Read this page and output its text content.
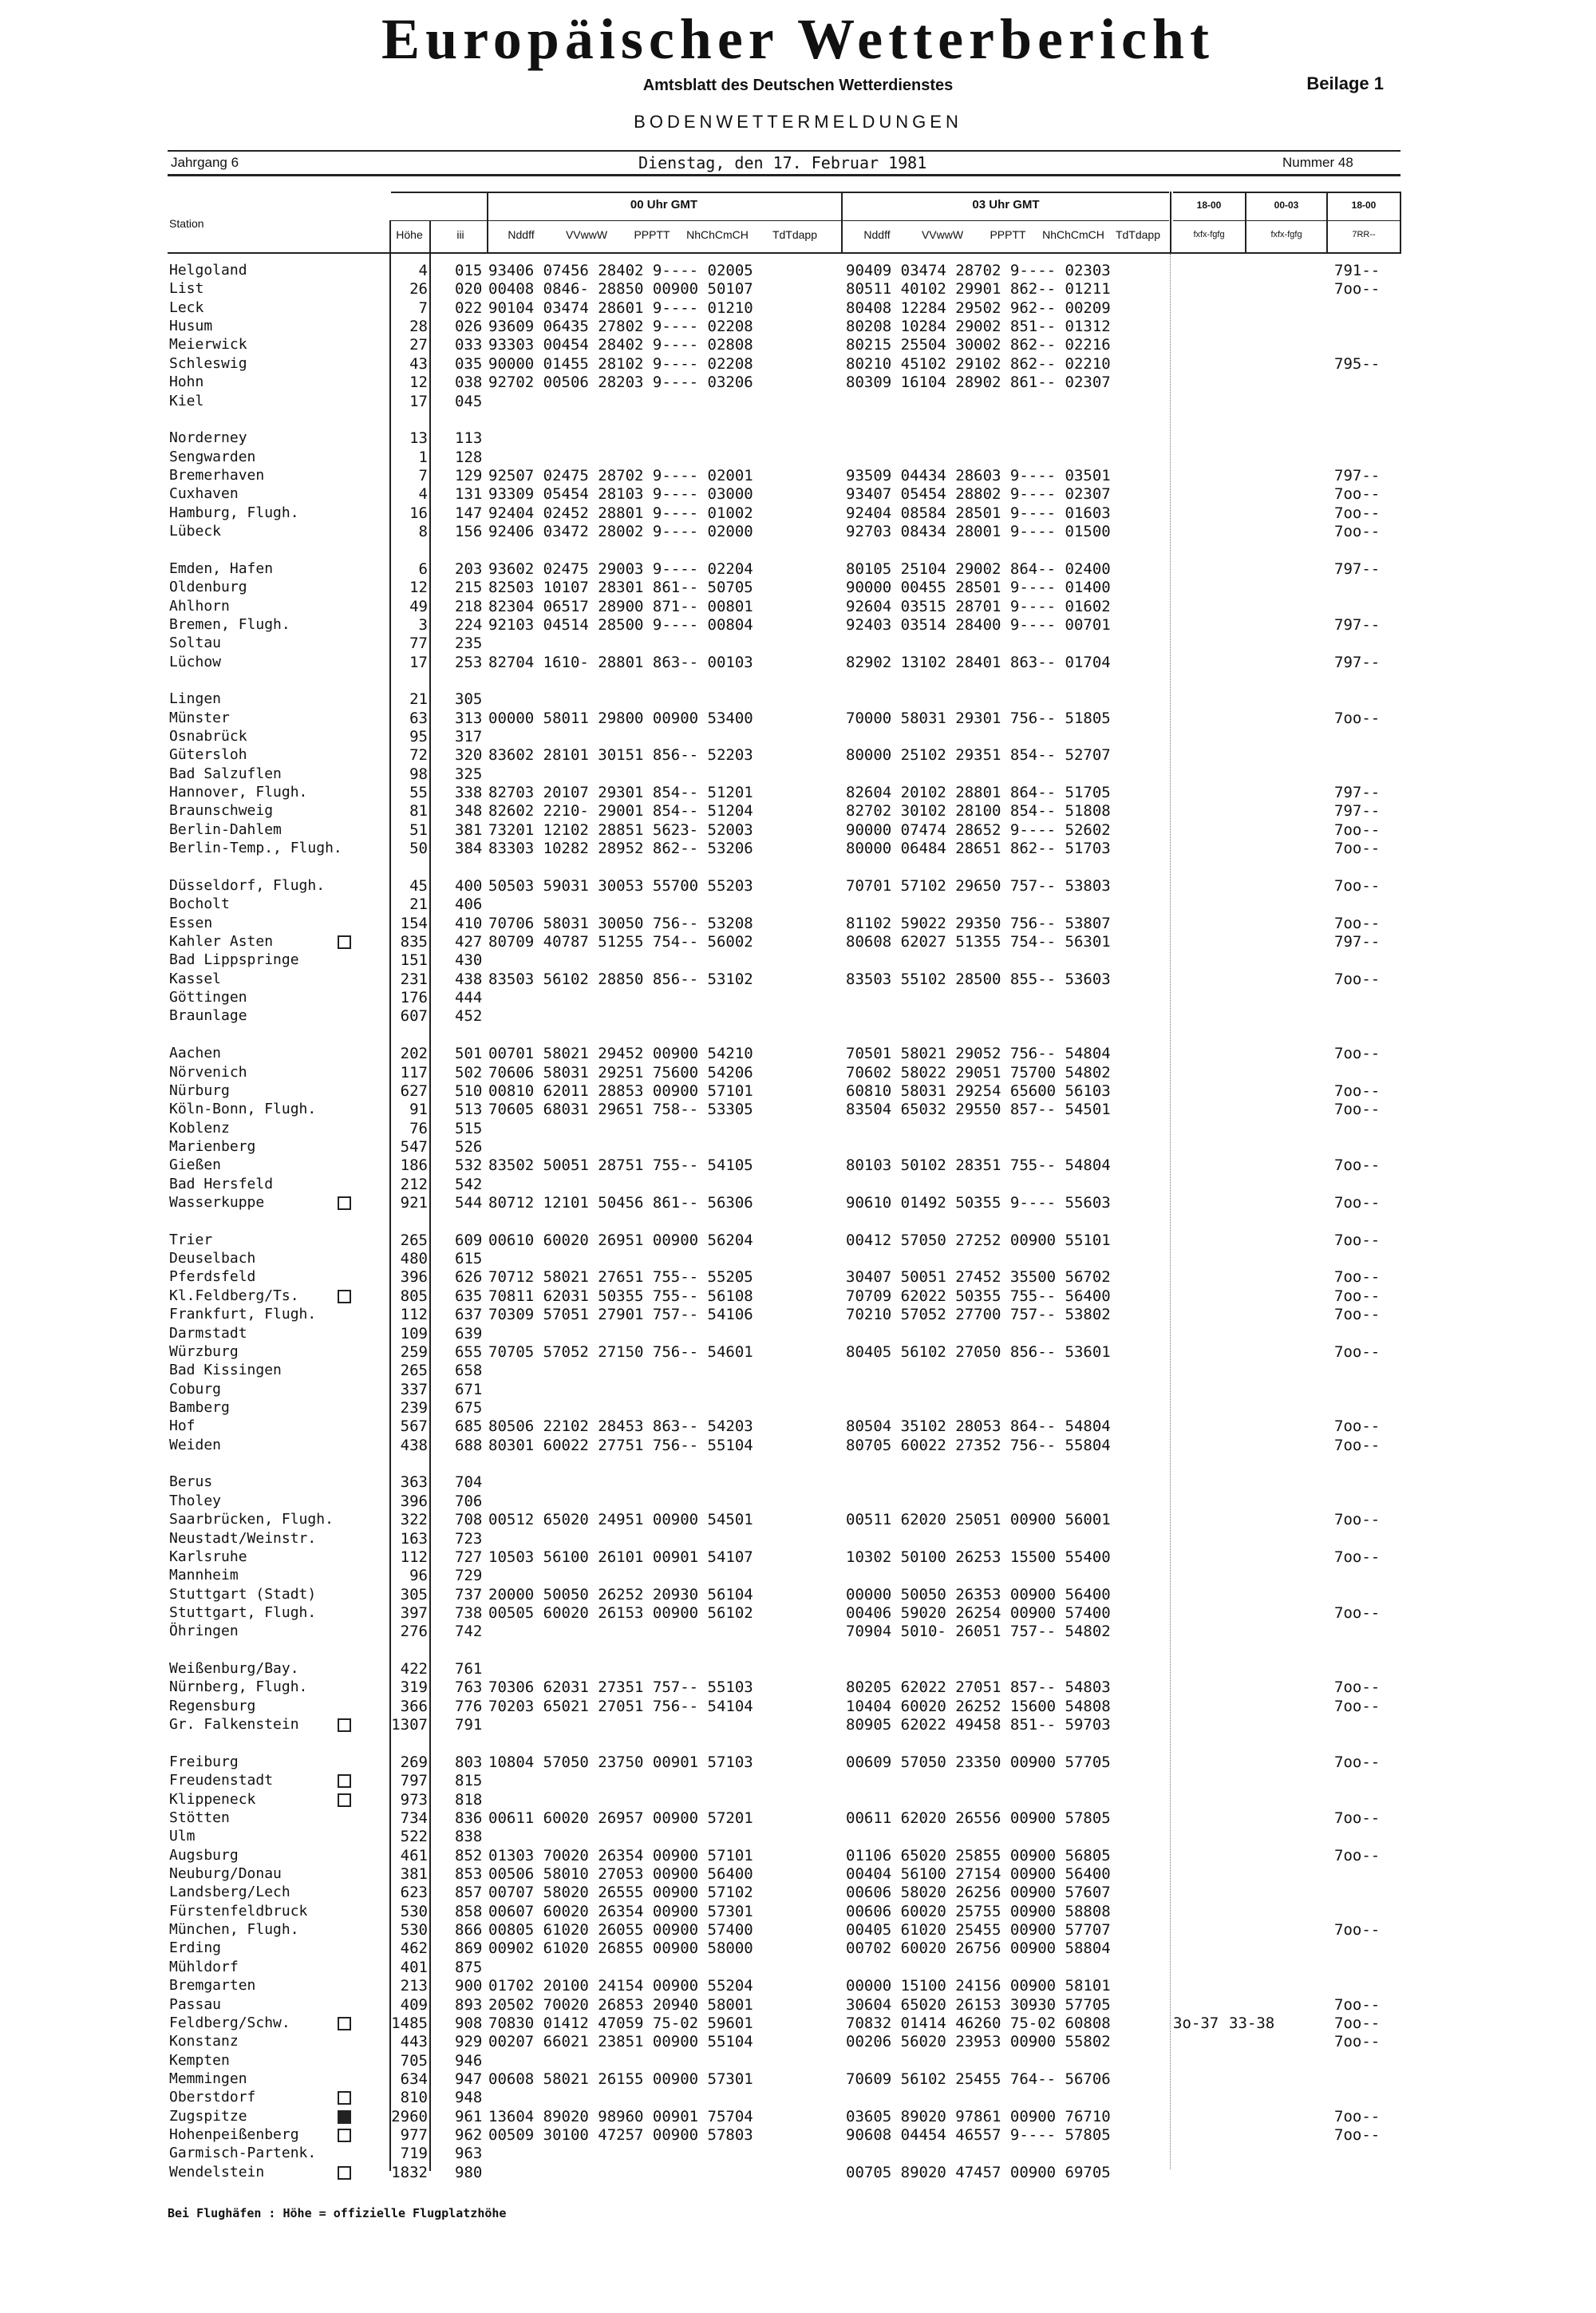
Europäischer Wetterbericht
Amtsblatt des Deutschen Wetterdienstes	Beilage 1
BODENWETTERMELDUNGEN
Jahrgang 6	Dienstag, den 17. Februar 1981	Nummer 48
Station
Höhe	iii
00 Uhr GMT	03 Uhr GMT
Nddff	VVwwW	PPPTT	NhChCmCH	TdTdapp	Nddff	VVwwW	PPPTT	NhChCmCH	TdTdapp
18-00	00-03	18-00
fxfx-fgfg	fxfx-fgfg	7RR--
Helgoland	4 015 93406 07456 28402 9---- 02005	90409 03474 28702 9---- 02303	791--
List	26 020 00408 0846- 28850 00900 50107	80511 40102 29901 862-- 01211	7oo--
Leck	7 022 90104 03474 28601 9---- 01210	80408 12284 29502 962-- 00209
Husum	28 026 93609 06435 27802 9---- 02208	80208 10284 29002 851-- 01312
Meierwick	27 033 93303 00454 28402 9---- 02808	80215 25504 30002 862-- 02216
Schleswig	43 035 90000 01455 28102 9---- 02208	80210 45102 29102 862-- 02210	795--
Hohn	12 038 92702 00506 28203 9---- 03206	80309 16104 28902 861-- 02307
Kiel	17 045
Norderney	13 113
Sengwarden	1 128
Bremerhaven	7 129 92507 02475 28702 9---- 02001	93509 04434 28603 9---- 03501	797--
Cuxhaven	4 131 93309 05454 28103 9---- 03000	93407 05454 28802 9---- 02307	7oo--
Hamburg, Flugh.	16 147 92404 02452 28801 9---- 01002	92404 08584 28501 9---- 01603	7oo--
Lübeck	8 156 92406 03472 28002 9---- 02000	92703 08434 28001 9---- 01500	7oo--
Emden, Hafen	6 203 93602 02475 29003 9---- 02204	80105 25104 29002 864-- 02400	797--
Oldenburg	12 215 82503 10107 28301 861-- 50705	90000 00455 28501 9---- 01400
Ahlhorn	49 218 82304 06517 28900 871-- 00801	92604 03515 28701 9---- 01602
Bremen, Flugh.	3 224 92103 04514 28500 9---- 00804	92403 03514 28400 9---- 00701	797--
Soltau	77 235
Lüchow	17 253 82704 1610- 28801 863-- 00103	82902 13102 28401 863-- 01704	797--
Lingen	21 305
Münster	63 313 00000 58011 29800 00900 53400	70000 58031 29301 756-- 51805	7oo--
Osnabrück	95 317
Gütersloh	72 320 83602 28101 30151 856-- 52203	80000 25102 29351 854-- 52707
Bad Salzuflen	98 325
Hannover, Flugh.	55 338 82703 20107 29301 854-- 51201	82604 20102 28801 864-- 51705	797--
Braunschweig	81 348 82602 2210- 29001 854-- 51204	82702 30102 28100 854-- 51808	797--
Berlin-Dahlem	51 381 73201 12102 28851 5623- 52003	90000 07474 28652 9---- 52602	7oo--
Berlin-Temp., Flugh.	50 384 83303 10282 28952 862-- 53206	80000 06484 28651 862-- 51703	7oo--
Düsseldorf, Flugh.	45 400 50503 59031 30053 55700 55203	70701 57102 29650 757-- 53803	7oo--
Bocholt	21 406
Essen	154 410 70706 58031 30050 756-- 53208	81102 59022 29350 756-- 53807	7oo--
Kahler Asten	835 427 80709 40787 51255 754-- 56002	80608 62027 51355 754-- 56301	797--
Bad Lippspringe	151 430
Kassel	231 438 83503 56102 28850 856-- 53102	83503 55102 28500 855-- 53603	7oo--
Göttingen	176 444
Braunlage	607 452
Aachen	202 501 00701 58021 29452 00900 54210	70501 58021 29052 756-- 54804	7oo--
Nörvenich	117 502 70606 58031 29251 75600 54206	70602 58022 29051 75700 54802
Nürburg	627 510 00810 62011 28853 00900 57101	60810 58031 29254 65600 56103	7oo--
Köln-Bonn, Flugh.	91 513 70605 68031 29651 758-- 53305	83504 65032 29550 857-- 54501	7oo--
Koblenz	76 515
Marienberg	547 526
Gießen	186 532 83502 50051 28751 755-- 54105	80103 50102 28351 755-- 54804	7oo--
Bad Hersfeld	212 542
Wasserkuppe	921 544 80712 12101 50456 861-- 56306	90610 01492 50355 9---- 55603	7oo--
Trier	265 609 00610 60020 26951 00900 56204	00412 57050 27252 00900 55101	7oo--
Deuselbach	480 615
Pferdsfeld	396 626 70712 58021 27651 755-- 55205	30407 50051 27452 35500 56702	7oo--
Kl.Feldberg/Ts.	805 635 70811 62031 50355 755-- 56108	70709 62022 50355 755-- 56400	7oo--
Frankfurt, Flugh.	112 637 70309 57051 27901 757-- 54106	70210 57052 27700 757-- 53802	7oo--
Darmstadt	109 639
Würzburg	259 655 70705 57052 27150 756-- 54601	80405 56102 27050 856-- 53601	7oo--
Bad Kissingen	265 658
Coburg	337 671
Bamberg	239 675
Hof	567 685 80506 22102 28453 863-- 54203	80504 35102 28053 864-- 54804	7oo--
Weiden	438 688 80301 60022 27751 756-- 55104	80705 60022 27352 756-- 55804	7oo--
Berus	363 704
Tholey	396 706
Saarbrücken, Flugh.	322 708 00512 65020 24951 00900 54501	00511 62020 25051 00900 56001	7oo--
Neustadt/Weinstr.	163 723
Karlsruhe	112 727 10503 56100 26101 00901 54107	10302 50100 26253 15500 55400	7oo--
Mannheim	96 729
Stuttgart (Stadt)	305 737 20000 50050 26252 20930 56104	00000 50050 26353 00900 56400
Stuttgart, Flugh.	397 738 00505 60020 26153 00900 56102	00406 59020 26254 00900 57400	7oo--
Öhringen	276 742	70904 5010- 26051 757-- 54802
Weißenburg/Bay.	422 761
Nürnberg, Flugh.	319 763 70306 62031 27351 757-- 55103	80205 62022 27051 857-- 54803	7oo--
Regensburg	366 776 70203 65021 27051 756-- 54104	10404 60020 26252 15600 54808	7oo--
Gr. Falkenstein	1307 791	80905 62022 49458 851-- 59703
Freiburg	269 803 10804 57050 23750 00901 57103	00609 57050 23350 00900 57705	7oo--
Freudenstadt	797 815
Klippeneck	973 818
Stötten	734 836 00611 60020 26957 00900 57201	00611 62020 26556 00900 57805	7oo--
Ulm	522 838
Augsburg	461 852 01303 70020 26354 00900 57101	01106 65020 25855 00900 56805	7oo--
Neuburg/Donau	381 853 00506 58010 27053 00900 56400	00404 56100 27154 00900 56400
Landsberg/Lech	623 857 00707 58020 26555 00900 57102	00606 58020 26256 00900 57607
Fürstenfeldbruck	530 858 00607 60020 26354 00900 57301	00606 60020 25755 00900 58808
München, Flugh.	530 866 00805 61020 26055 00900 57400	00405 61020 25455 00900 57707	7oo--
Erding	462 869 00902 61020 26855 00900 58000	00702 60020 26756 00900 58804
Mühldorf	401 875
Bremgarten	213 900 01702 20100 24154 00900 55204	00000 15100 24156 00900 58101
Passau	409 893 20502 70020 26853 20940 58001	30604 65020 26153 30930 57705	7oo--
Feldberg/Schw.	1485 908 70830 01412 47059 75-02 59601	70832 01414 46260 75-02 60808	3o-37 33-38	7oo--
Konstanz	443 929 00207 66021 23851 00900 55104	00206 56020 23953 00900 55802	7oo--
Kempten	705 946
Memmingen	634 947 00608 58021 26155 00900 57301	70609 56102 25455 764-- 56706
Oberstdorf	810 948
Zugspitze	2960 961 13604 89020 98960 00901 75704	03605 89020 97861 00900 76710	7oo--
Hohenpeißenberg	977 962 00509 30100 47257 00900 57803	90608 04454 46557 9---- 57805	7oo--
Garmisch-Partenk.	719 963
Wendelstein	1832 980	00705 89020 47457 00900 69705
Bei Flughäfen : Höhe = offizielle Flugplatzhöhe
